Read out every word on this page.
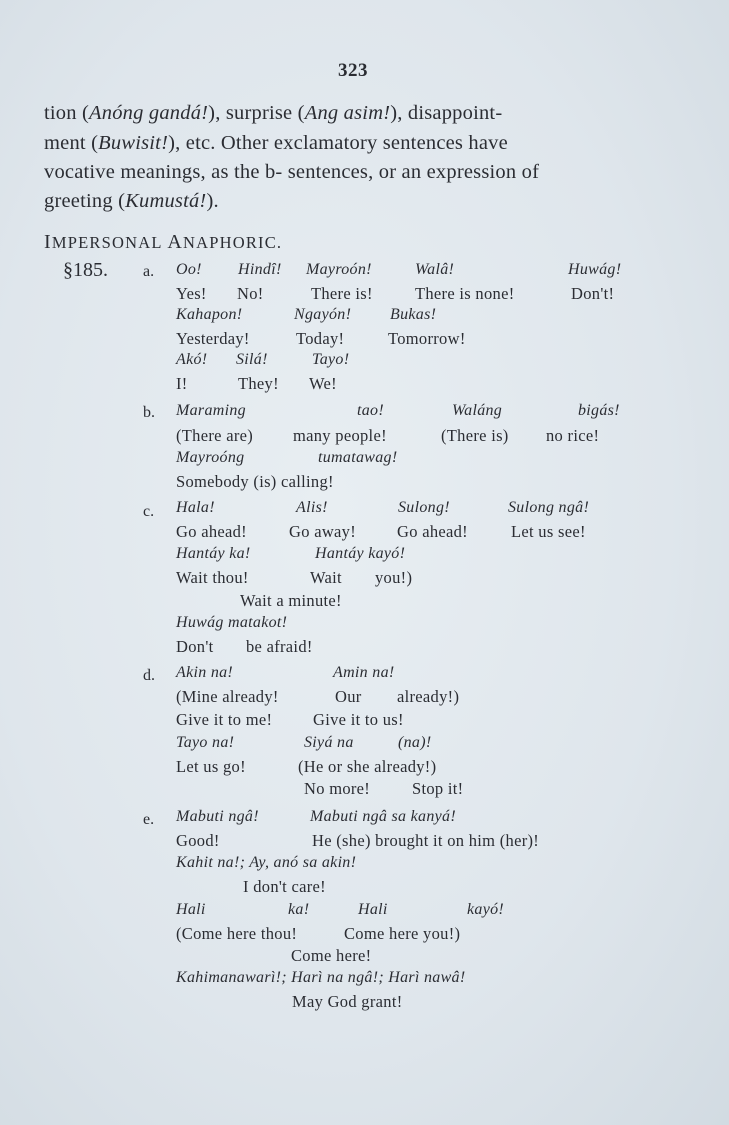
323
tion (Anóng gandá!), surprise (Ang asim!), disappoint-
ment (Buwisit!), etc. Other exclamatory sentences have
vocative meanings, as the b- sentences, or an expression of
greeting (Kumustá!).
IMPERSONAL ANAPHORIC.
§185. a. Oo! Hindî! Mayroón!	Walâ!	Huwág!
Yes! No!	There is!	There is none!	Don't!
Kahapon!	Ngayón! Bukas!
Yesterday!	Today!	Tomorrow!
Akó! Silá!	Tayo!
I!	They! We!
b. Maraming	tao!	Waláng	bigás!
(There are) many people!	(There is) no rice!
Mayroóng	tumatawag!
Somebody (is) calling!
c. Hala!	Alis!	Sulong!	Sulong ngâ!
Go ahead!	Go away! Go ahead!	Let us see!
Hantáy ka!	Hantáy kayó!
Wait thou!	Wait you!)
Wait a minute!
Huwág matakot!
Don't be afraid!
d. Akin na!	Amin na!
(Mine already!	Our already!)
Give it to me! Give it to us!
Tayo na!	Siyá na	(na)!
Let us go!	(He or she already!)
No more!	Stop it!
e. Mabuti ngâ!	Mabuti ngâ sa kanyá!
Good!	He (she) brought it on him (her)!
Kahit na!; Ay, anó sa akin!
I don't care!
Hali	ka!	Hali	kayó!
(Come here thou!	Come here you!)
Come here!
Kahimanawarì!; Harì na ngâ!; Harì nawâ!
May God grant!
